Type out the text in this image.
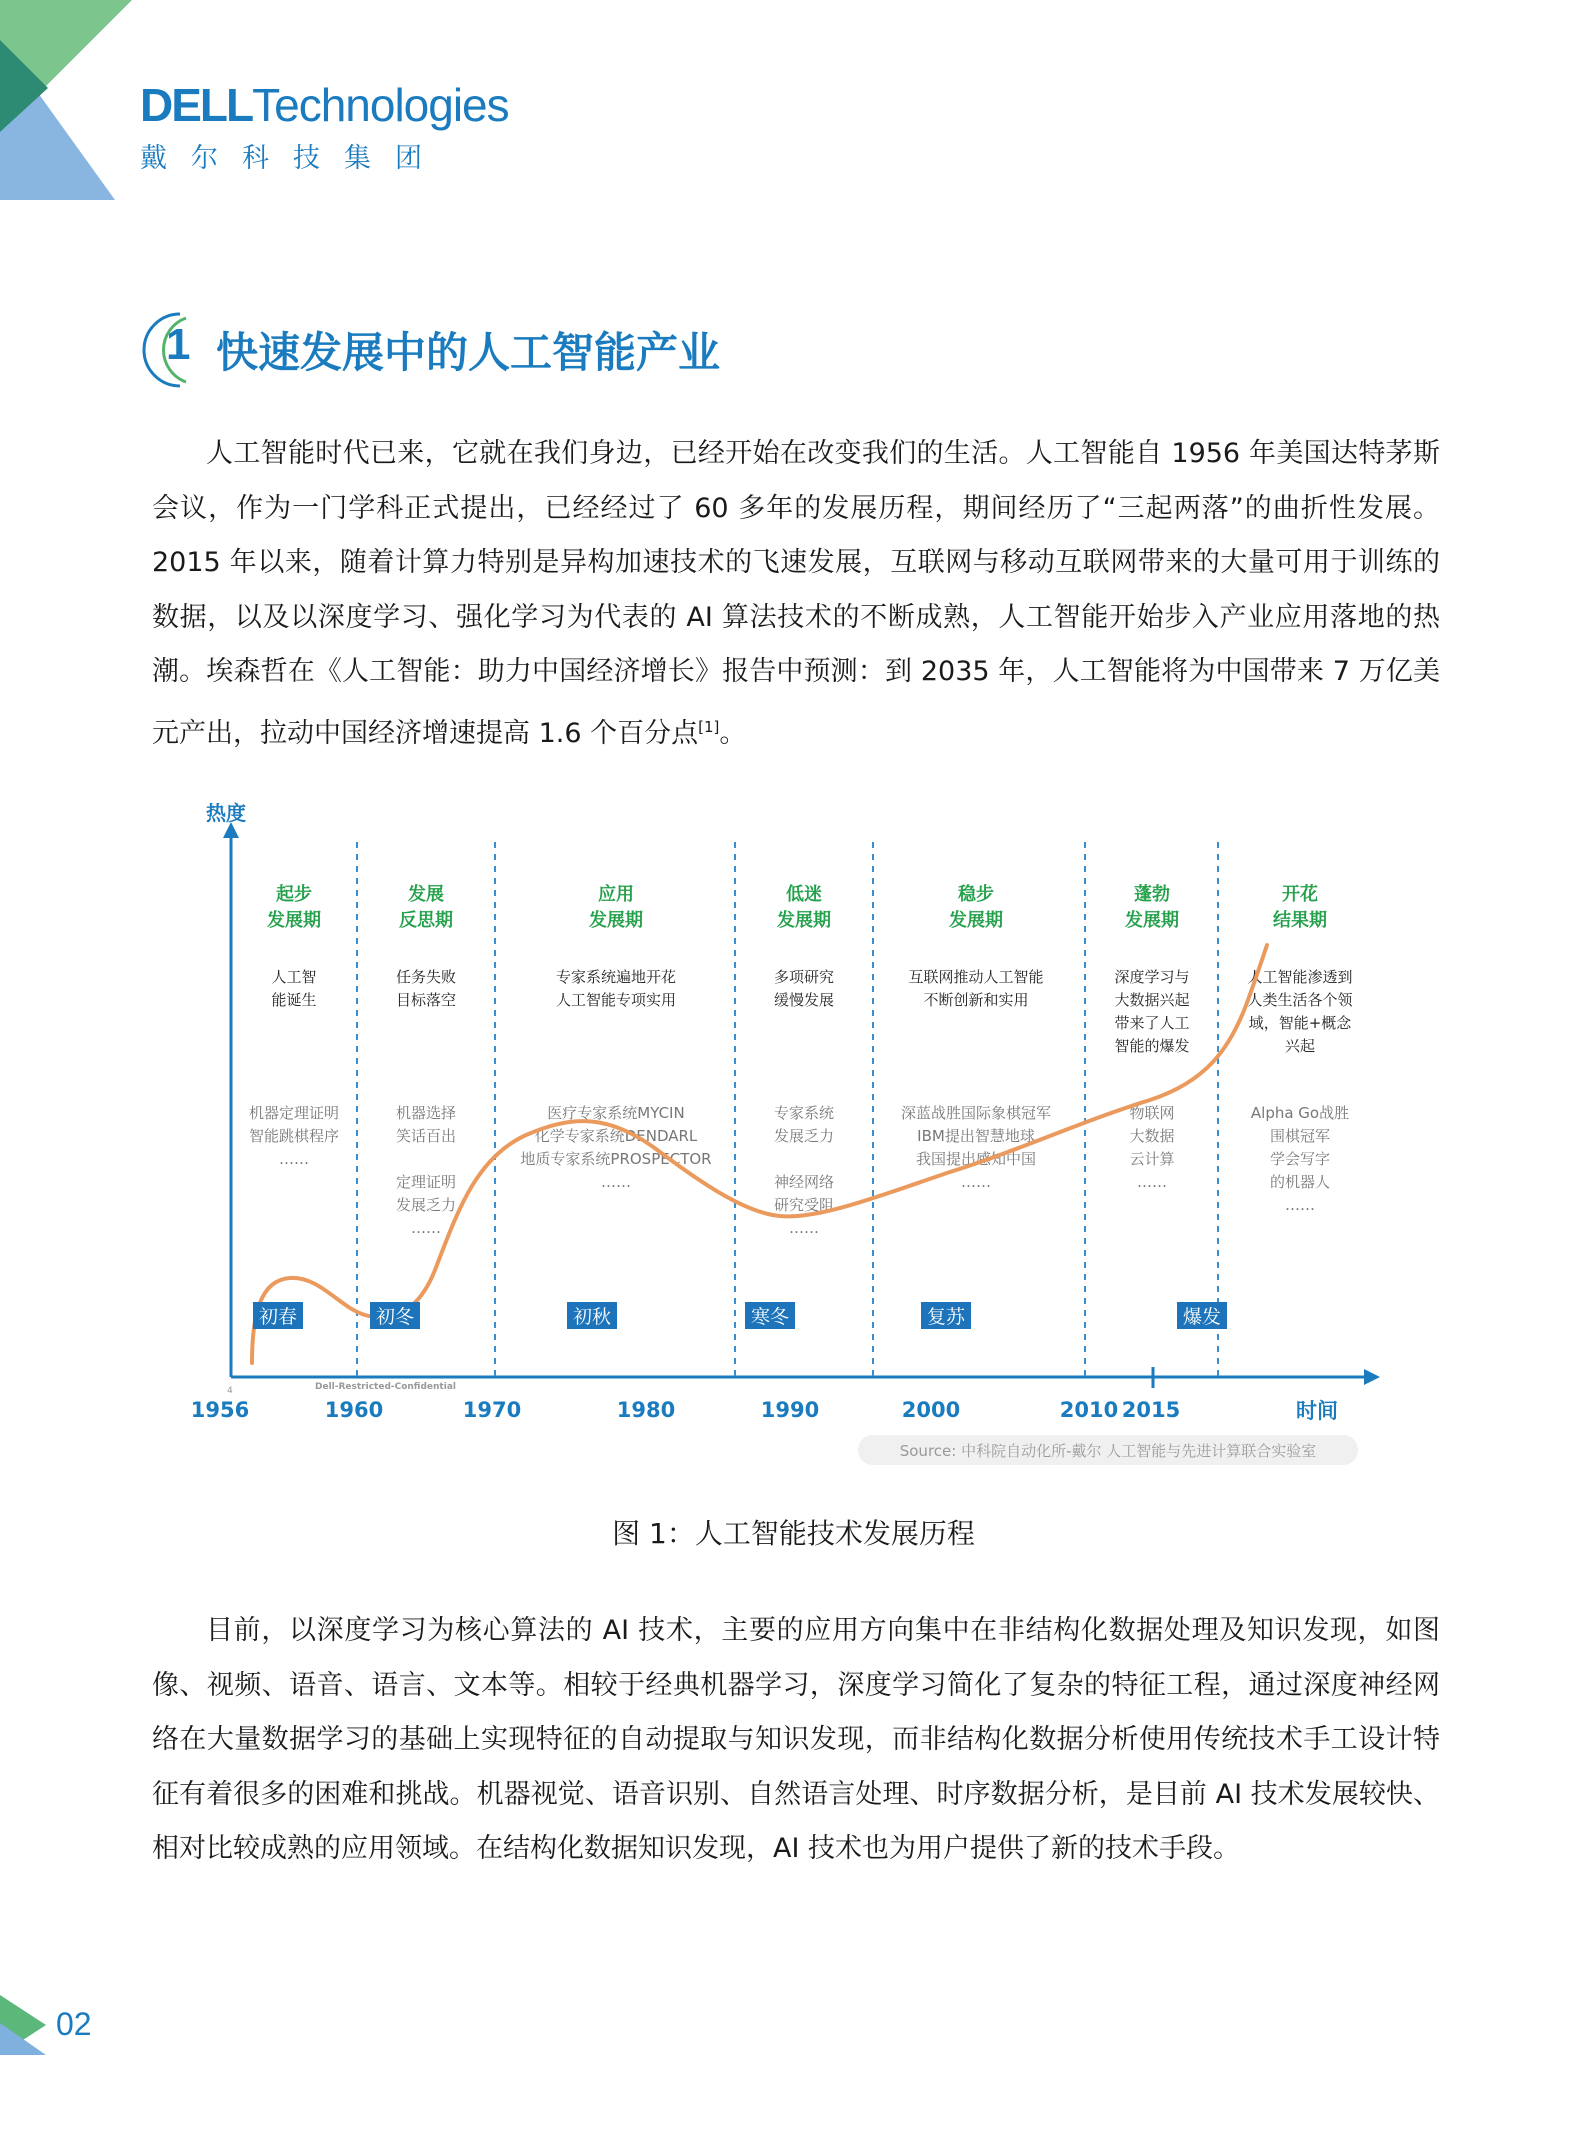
DELLTechnologies
戴尔科技集团
1 快速发展中的人工智能产业

人工智能时代已来，它就在我们身边，已经开始在改变我们的生活。人工智能自 1956 年美国达特茅斯会议，作为一门学科正式提出，已经经过了 60 多年的发展历程，期间经历了“三起两落”的曲折性发展。2015 年以来，随着计算力特别是异构加速技术的飞速发展，互联网与移动互联网带来的大量可用于训练的数据，以及以深度学习、强化学习为代表的 AI 算法技术的不断成熟，人工智能开始步入产业应用落地的热潮。埃森哲在《人工智能：助力中国经济增长》报告中预测：到 2035 年，人工智能将为中国带来 7 万亿美元产出，拉动中国经济增速提高 1.6 个百分点[1]。

热度
时间
4	Dell-Restricted-Confidential
1956	1960	1970	1980	1990	2000	2010 2015
起步
发展期
人工智
能诞生
机器定理证明
智能跳棋程序
……
发展
反思期
任务失败
目标落空
机器选择
笑话百出
定理证明
发展乏力
……
应用
发展期
专家系统遍地开花
人工智能专项实用
医疗专家系统MYCIN
化学专家系统DENDARL
地质专家系统PROSPECTOR
……
低迷
发展期
多项研究
缓慢发展
专家系统
发展乏力
神经网络
研究受阻
……
稳步
发展期
互联网推动人工智能
不断创新和实用
深蓝战胜国际象棋冠军
IBM提出智慧地球
我国提出感知中国
……
蓬勃
发展期
深度学习与
大数据兴起
带来了人工
智能的爆发
物联网
大数据
云计算
……
开花
结果期
人工智能渗透到
人类生活各个领
域，智能+概念
兴起
Alpha Go战胜
围棋冠军
学会写字
的机器人
……
初春	初冬	初秋	寒冬	复苏	爆发
Source: 中科院自动化所-戴尔 人工智能与先进计算联合实验室
图 1：人工智能技术发展历程

目前，以深度学习为核心算法的 AI 技术，主要的应用方向集中在非结构化数据处理及知识发现，如图像、视频、语音、语言、文本等。相较于经典机器学习，深度学习简化了复杂的特征工程，通过深度神经网络在大量数据学习的基础上实现特征的自动提取与知识发现，而非结构化数据分析使用传统技术手工设计特征有着很多的困难和挑战。机器视觉、语音识别、自然语言处理、时序数据分析，是目前 AI 技术发展较快、相对比较成熟的应用领域。在结构化数据知识发现，AI 技术也为用户提供了新的技术手段。

02
